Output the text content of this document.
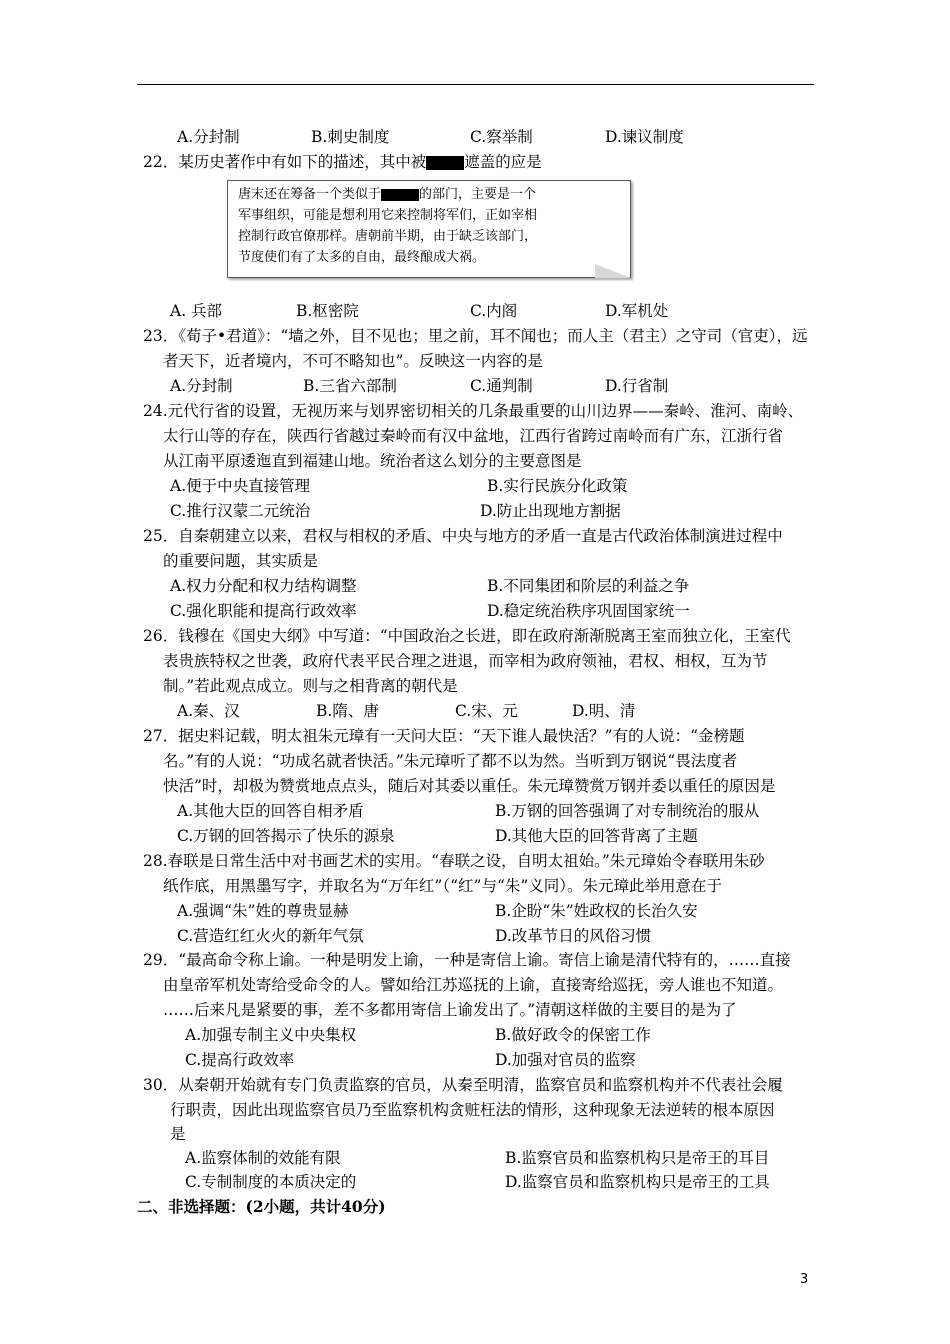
A.分封制	B.刺史制度	C.察举制	D.谏议制度
22．某历史著作中有如下的描述，其中被 遮盖的应是
唐末还在筹备一个类似于	的部门，主要是一个
军事组织，可能是想利用它来控制将军们，正如宰相
控制行政官僚那样。唐朝前半期，由于缺乏该部门，
节度使们有了太多的自由，最终酿成大祸。
A. 兵部	B.枢密院	C.内阁	D.军机处
23．《荀子•君道》：“墙之外，目不见也；里之前，耳不闻也；而人主（君主）之守司（官吏），远
者天下，近者境内，不可不略知也”。反映这一内容的是
A.分封制	B.三省六部制	C.通判制	D.行省制
24.元代行省的设置，无视历来与划界密切相关的几条最重要的山川边界——秦岭、淮河、南岭、
太行山等的存在，陕西行省越过秦岭而有汉中盆地，江西行省跨过南岭而有广东，江浙行省
从江南平原逶迤直到福建山地。统治者这么划分的主要意图是
A.便于中央直接管理	B.实行民族分化政策
C.推行汉蒙二元统治	D.防止出现地方割据
25．自秦朝建立以来，君权与相权的矛盾、中央与地方的矛盾一直是古代政治体制演进过程中
的重要问题，其实质是
A.权力分配和权力结构调整	B.不同集团和阶层的利益之争
C.强化职能和提高行政效率	D.稳定统治秩序巩固国家统一
26．钱穆在《国史大纲》中写道：“中国政治之长进，即在政府渐渐脱离王室而独立化，王室代
表贵族特权之世袭，政府代表平民合理之进退，而宰相为政府领袖，君权、相权，互为节
制。”若此观点成立。则与之相背离的朝代是
A.秦、汉	B.隋、唐	C.宋、元	D.明、清
27．据史料记载，明太祖朱元璋有一天问大臣：“天下谁人最快活？”有的人说：“金榜题
名。”有的人说：“功成名就者快活。”朱元璋听了都不以为然。当听到万钢说“畏法度者
快活”时，却极为赞赏地点点头，随后对其委以重任。朱元璋赞赏万钢并委以重任的原因是
A.其他大臣的回答自相矛盾	B.万钢的回答强调了对专制统治的服从
C.万钢的回答揭示了快乐的源泉	D.其他大臣的回答背离了主题
28.春联是日常生活中对书画艺术的实用。“春联之设，自明太祖始。”朱元璋始令春联用朱砂
纸作底，用黑墨写字，并取名为“万年红”（“红”与“朱”义同）。朱元璋此举用意在于
A.强调“朱”姓的尊贵显赫	B.企盼“朱”姓政权的长治久安
C.营造红红火火的新年气氛	D.改革节日的风俗习惯
29．“最高命令称上谕。一种是明发上谕，一种是寄信上谕。寄信上谕是清代特有的，……直接
由皇帝军机处寄给受命令的人。譬如给江苏巡抚的上谕，直接寄给巡抚，旁人谁也不知道。
……后来凡是紧要的事，差不多都用寄信上谕发出了。”清朝这样做的主要目的是为了
A.加强专制主义中央集权	B.做好政令的保密工作
C.提高行政效率	D.加强对官员的监察
30．从秦朝开始就有专门负责监察的官员，从秦至明清，监察官员和监察机构并不代表社会履
行职责，因此出现监察官员乃至监察机构贪赃枉法的情形，这种现象无法逆转的根本原因
是
A.监察体制的效能有限	B.监察官员和监察机构只是帝王的耳目
C.专制制度的本质决定的	D.监察官员和监察机构只是帝王的工具
二、非选择题：(2小题，共计40分)
3
